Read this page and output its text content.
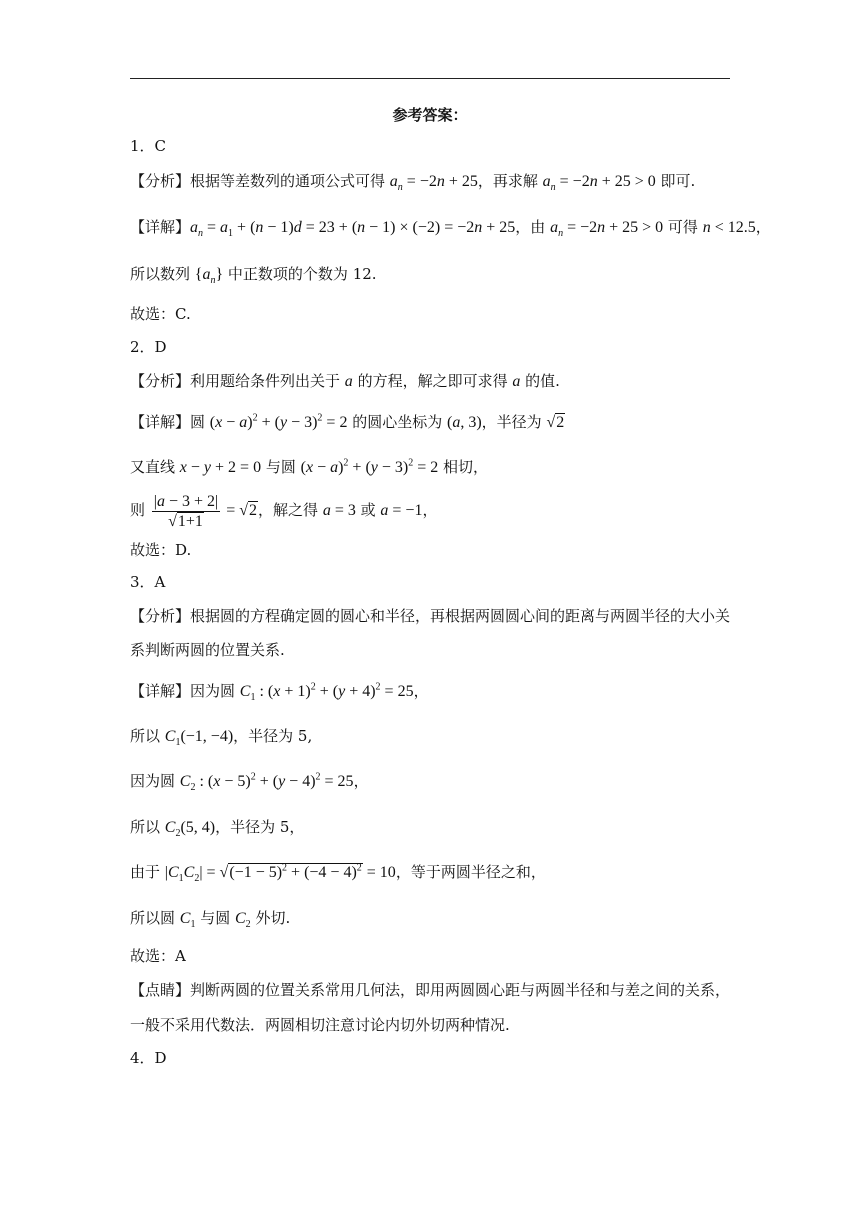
参考答案：
1．C
【分析】根据等差数列的通项公式可得 $a_n = -2n + 25$，再求解 $a_n = -2n + 25 > 0$ 即可.
【详解】$a_n = a_1 + (n - 1)d = 23 + (n - 1) \times (-2) = -2n + 25$，由 $a_n = -2n + 25 > 0$ 可得 n < 12.5，
所以数列 $\{a_n\}$ 中正数项的个数为 12.
故选：C.
2．D
【分析】利用题给条件列出关于 a 的方程，解之即可求得 a 的值.
【详解】圆 $(x - a)^2 + (y - 3)^2 = 2$ 的圆心坐标为 (a, 3)，半径为 √2
又直线 x − y + 2 = 0 与圆 $(x - a)^2 + (y - 3)^2 = 2$ 相切，
则 $\frac{|a - 3 + 2|}{√1+1} = √2$，解之得 a = 3 或 a = −1，
故选：D.
3．A
【分析】根据圆的方程确定圆的圆心和半径，再根据两圆圆心间的距离与两圆半径的大小关
系判断两圆的位置关系.
【详解】因为圆 $C_1$ : $(x + 1)^2 + (y + 4)^2 = 25$，
所以 $C_1(-1$, −4)，半径为 5,
因为圆 $C_2$ : $(x - 5)^2 + (y - 4)^2 = 25$，
所以 $C_2(5$, 4)，半径为 5，
由于 $|C_1C_2| = √(-1 - 5)^2 + (-4 - 4)^2 = 10$，等于两圆半径之和，
所以圆 $C_1$ 与圆 $C_2$ 外切.
故选：A
【点睛】判断两圆的位置关系常用几何法，即用两圆圆心距与两圆半径和与差之间的关系，
一般不采用代数法．两圆相切注意讨论内切外切两种情况.
4．D
